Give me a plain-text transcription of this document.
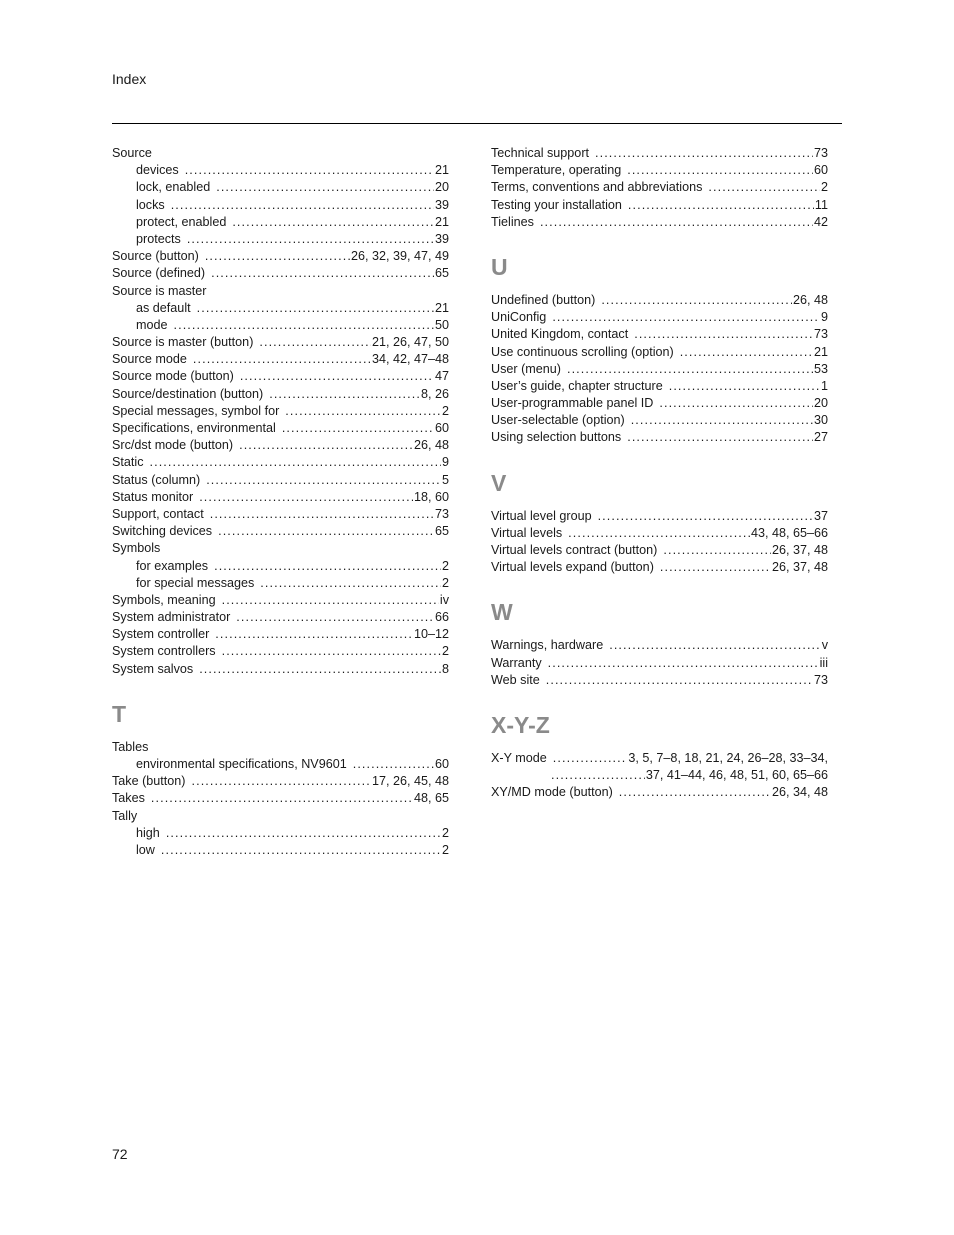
Index
Source
devices . . .	21
lock, enabled . . .	20
locks . . .	39
protect, enabled . . .	21
protects . . .	39
Source (button) . . .	26, 32, 39, 47, 49
Source (defined) . . .	65
Source is master
as default . . .	21
mode . . .	50
Source is master (button) . . .	21, 26, 47, 50
Source mode . . .	34, 42, 47–48
Source mode (button) . . .	47
Source/destination (button) . . .	8, 26
Special messages, symbol for . . .	2
Specifications, environmental . . .	60
Src/dst mode (button) . . .	26, 48
Static . . .	9
Status (column) . . .	5
Status monitor . . .	18, 60
Support, contact . . .	73
Switching devices . . .	65
Symbols
for examples . . .	2
for special messages . . .	2
Symbols, meaning . . .	iv
System administrator . . .	66
System controller . . .	10–12
System controllers . . .	2
System salvos . . .	8
T
Tables
environmental specifications, NV9601 . . .	60
Take (button) . . .	17, 26, 45, 48
Takes . . .	48, 65
Tally
high . . .	2
low . . .	2
Technical support . . .	73
Temperature, operating . . .	60
Terms, conventions and abbreviations . . .	2
Testing your installation . . .	11
Tielines . . .	42
U
Undefined (button) . . .	26, 48
UniConfig . . .	9
United Kingdom, contact . . .	73
Use continuous scrolling (option) . . .	21
User (menu) . . .	53
User’s guide, chapter structure . . .	1
User-programmable panel ID . . .	20
User-selectable (option) . . .	30
Using selection buttons . . .	27
V
Virtual level group . . .	37
Virtual levels . . .	43, 48, 65–66
Virtual levels contract (button) . . .	26, 37, 48
Virtual levels expand (button) . . .	26, 37, 48
W
Warnings, hardware . . .	v
Warranty . . .	iii
Web site . . .	73
X-Y-Z
X-Y mode . . .	3, 5, 7–8, 18, 21, 24, 26–28, 33–34,
. . .
37, 41–44, 46, 48, 51, 60, 65–66
XY/MD mode (button) . . .	26, 34, 48
72
